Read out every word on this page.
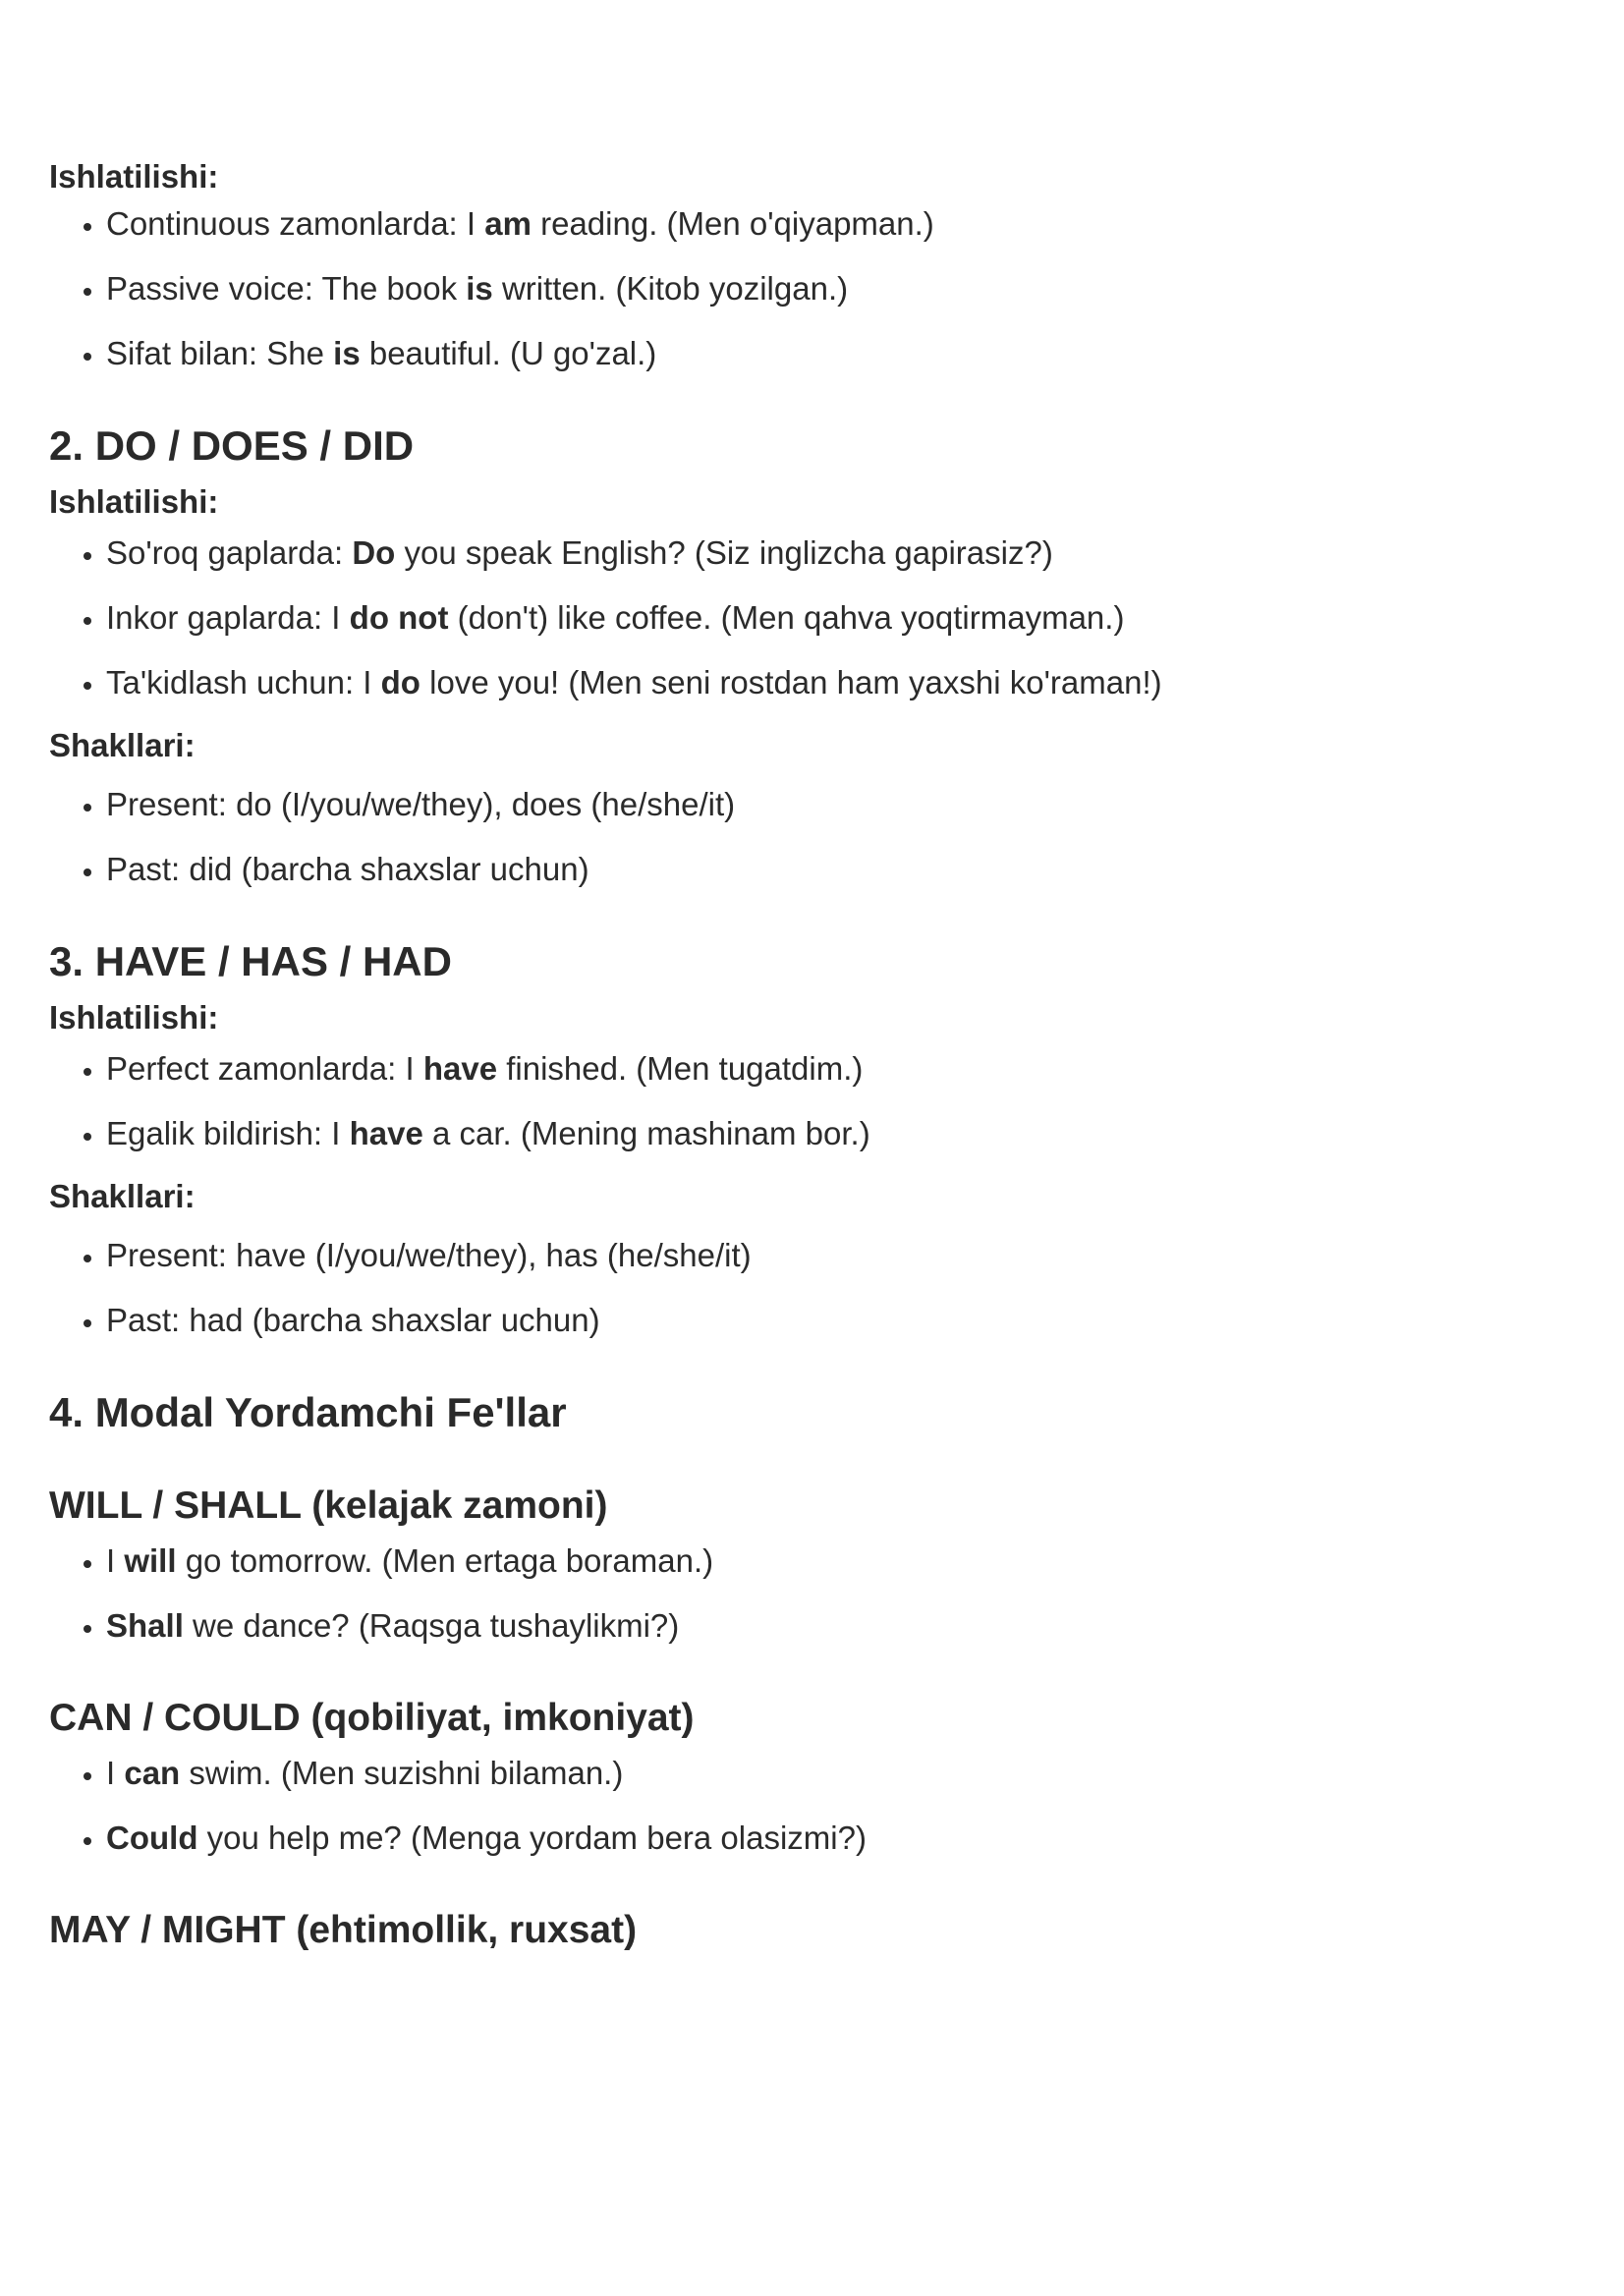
Ishlatilishi:

• Continuous zamonlarda: I am reading. (Men o'qiyapman.)
• Passive voice: The book is written. (Kitob yozilgan.)
• Sifat bilan: She is beautiful. (U go'zal.)
2. DO / DOES / DID

Ishlatilishi:

• So'roq gaplarda: Do you speak English? (Siz inglizcha gapirasiz?)
• Inkor gaplarda: I do not (don't) like coffee. (Men qahva yoqtirmayman.)
• Ta'kidlash uchun: I do love you! (Men seni rostdan ham yaxshi ko'raman!)

Shakllari:

• Present: do (I/you/we/they), does (he/she/it)
• Past: did (barcha shaxslar uchun)
3. HAVE / HAS / HAD

Ishlatilishi:

• Perfect zamonlarda: I have finished. (Men tugatdim.)
• Egalik bildirish: I have a car. (Mening mashinam bor.)

Shakllari:

• Present: have (I/you/we/they), has (he/she/it)
• Past: had (barcha shaxslar uchun)
4. Modal Yordamchi Fe'llar
WILL / SHALL (kelajak zamoni)
• I will go tomorrow. (Men ertaga boraman.)
• Shall we dance? (Raqsga tushaylikmi?)
CAN / COULD (qobiliyat, imkoniyat)
• I can swim. (Men suzishni bilaman.)
• Could you help me? (Menga yordam bera olasizmi?)
MAY / MIGHT (ehtimollik, ruxsat)
